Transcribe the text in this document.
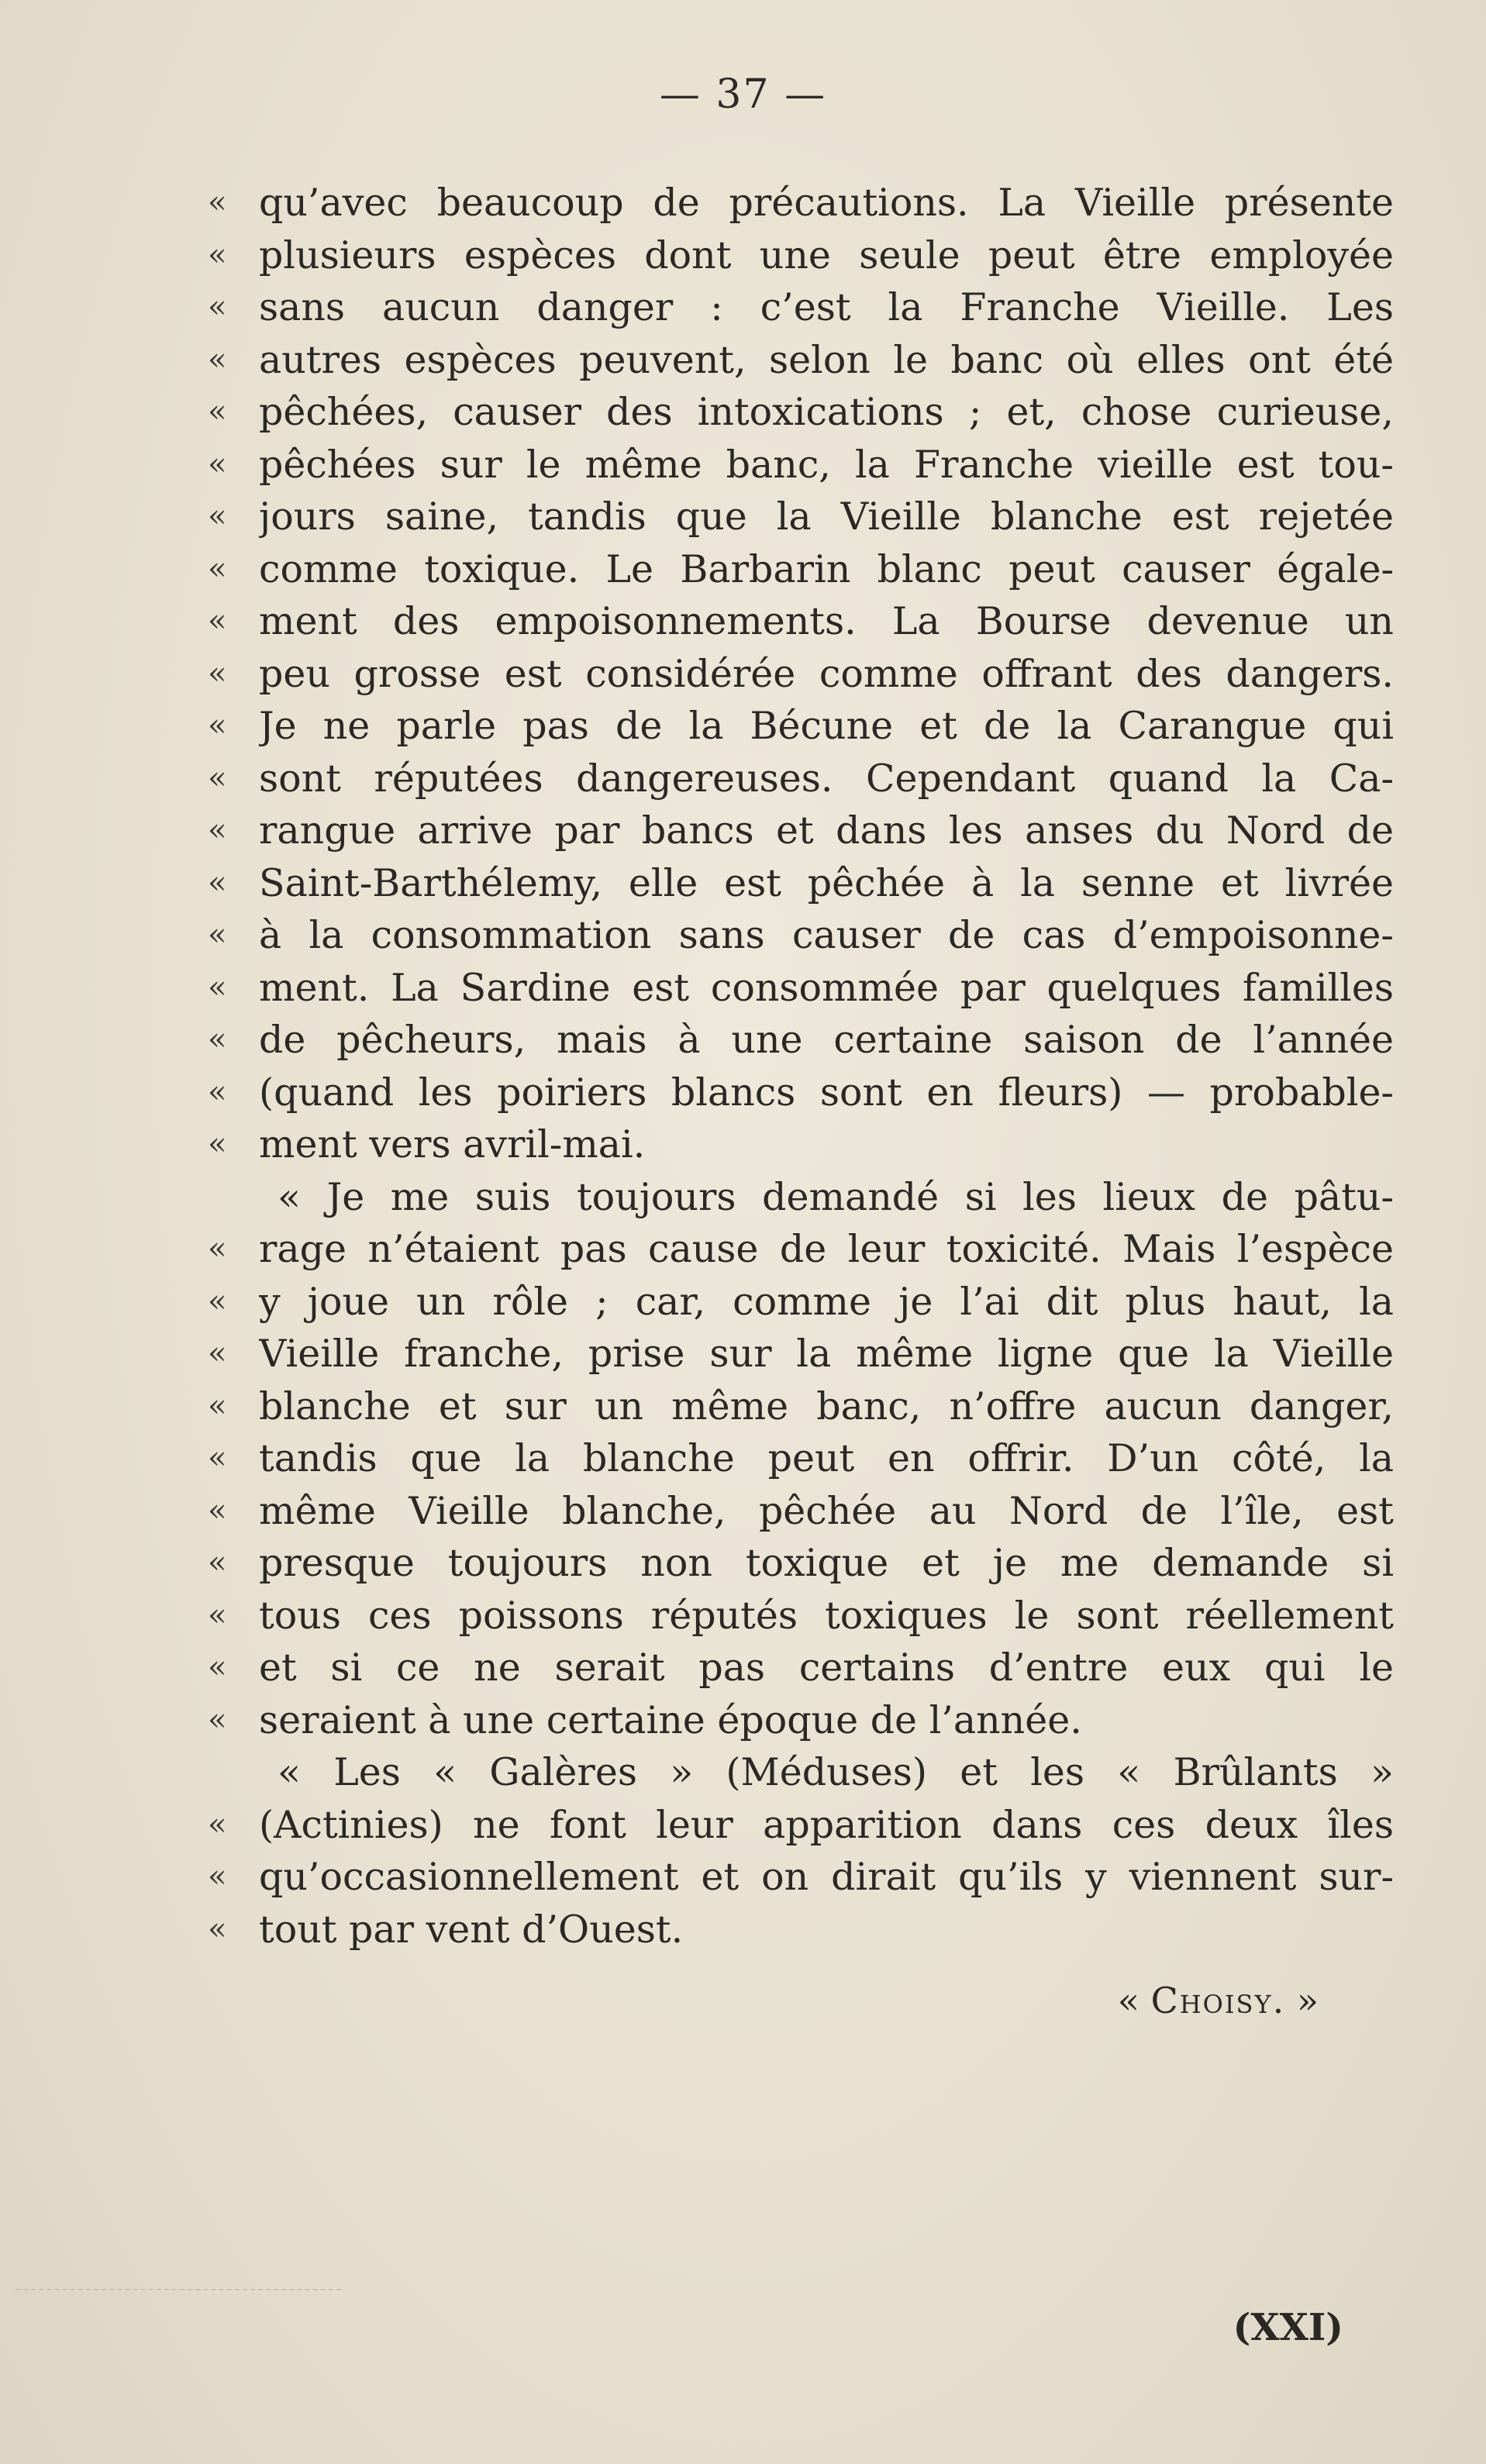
— 37 —
« qu’avec beaucoup de précautions. La Vieille présente
« plusieurs espèces dont une seule peut être employée
« sans aucun danger : c’est la Franche Vieille. Les
« autres espèces peuvent, selon le banc où elles ont été
« pêchées, causer des intoxications ; et, chose curieuse,
« pêchées sur le même banc, la Franche vieille est tou-
« jours saine, tandis que la Vieille blanche est rejetée
« comme toxique. Le Barbarin blanc peut causer égale-
« ment des empoisonnements. La Bourse devenue un
« peu grosse est considérée comme offrant des dangers.
« Je ne parle pas de la Bécune et de la Carangue qui
« sont réputées dangereuses. Cependant quand la Ca-
« rangue arrive par bancs et dans les anses du Nord de
« Saint-Barthélemy, elle est pêchée à la senne et livrée
« à la consommation sans causer de cas d’empoisonne-
« ment. La Sardine est consommée par quelques familles
« de pêcheurs, mais à une certaine saison de l’année
« (quand les poiriers blancs sont en fleurs) — probable-
« ment vers avril-mai.
« Je me suis toujours demandé si les lieux de pâtu-
« rage n’étaient pas cause de leur toxicité. Mais l’espèce
« y joue un rôle ; car, comme je l’ai dit plus haut, la
« Vieille franche, prise sur la même ligne que la Vieille
« blanche et sur un même banc, n’offre aucun danger,
« tandis que la blanche peut en offrir. D’un côté, la
« même Vieille blanche, pêchée au Nord de l’île, est
« presque toujours non toxique et je me demande si
« tous ces poissons réputés toxiques le sont réellement
« et si ce ne serait pas certains d’entre eux qui le
« seraient à une certaine époque de l’année.
« Les « Galères » (Méduses) et les « Brûlants »
« (Actinies) ne font leur apparition dans ces deux îles
« qu’occasionnellement et on dirait qu’ils y viennent sur-
« tout par vent d’Ouest.
« Choisy. »
(XXI)
